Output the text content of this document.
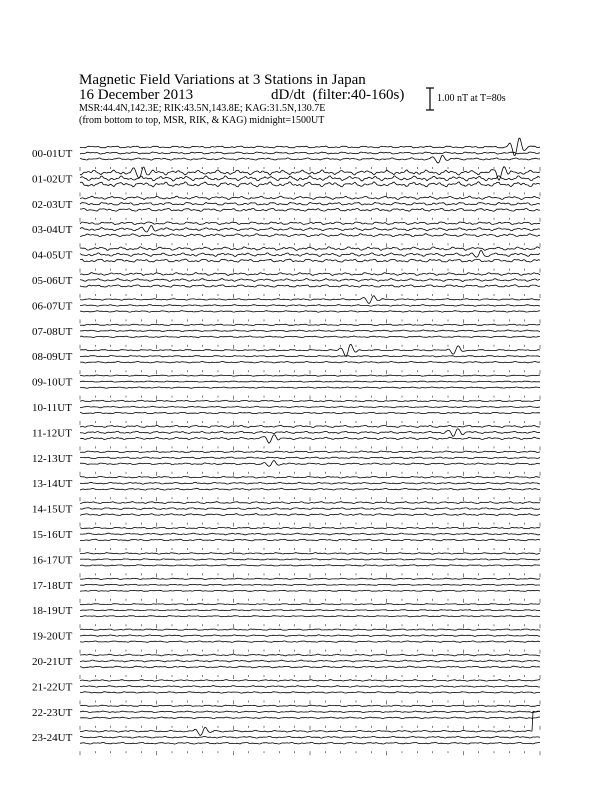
Magnetic Field Variations at 3 Stations in Japan
16 December 2013	dD/dt (filter:40-160s)
MSR:44.4N,142.3E; RIK:43.5N,143.8E; KAG:31.5N,130.7E
(from bottom to top, MSR, RIK, & KAG) midnight=1500UT
1.00 nT at T=80s
00-01UT
01-02UT
02-03UT
03-04UT
04-05UT
05-06UT
06-07UT
07-08UT
08-09UT
09-10UT
10-11UT
11-12UT
12-13UT
13-14UT
14-15UT
15-16UT
16-17UT
17-18UT
18-19UT
19-20UT
20-21UT
21-22UT
22-23UT
23-24UT
